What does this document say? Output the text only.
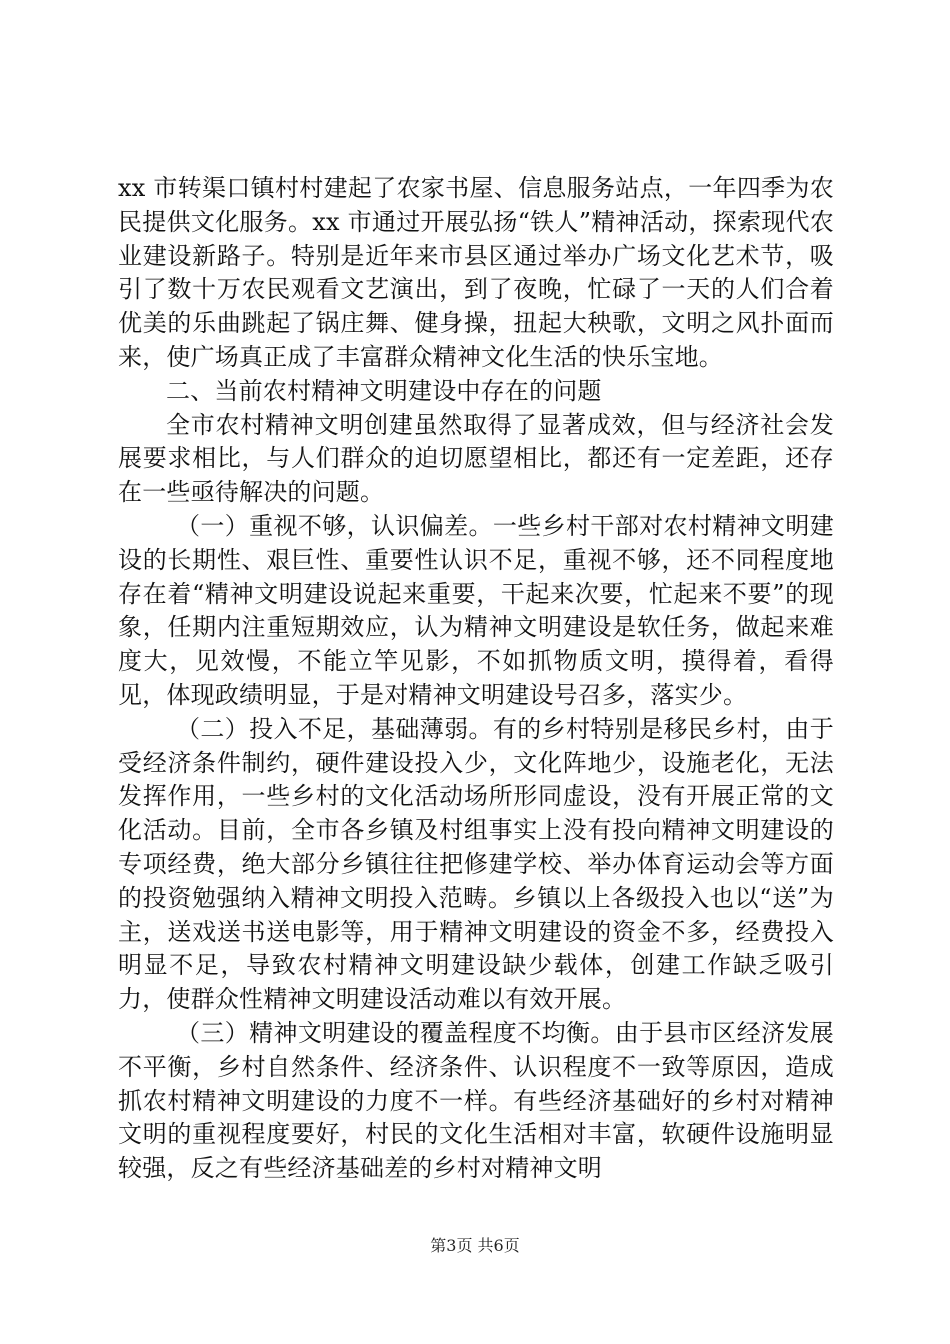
xx 市转渠口镇村村建起了农家书屋、信息服务站点，一年四季为农民提供文化服务。xx 市通过开展弘扬“铁人”精神活动，探索现代农业建设新路子。特别是近年来市县区通过举办广场文化艺术节，吸引了数十万农民观看文艺演出，到了夜晚，忙碌了一天的人们合着优美的乐曲跳起了锅庄舞、健身操，扭起大秧歌，文明之风扑面而来，使广场真正成了丰富群众精神文化生活的快乐宝地。

二、当前农村精神文明建设中存在的问题

全市农村精神文明创建虽然取得了显著成效，但与经济社会发展要求相比，与人们群众的迫切愿望相比，都还有一定差距，还存在一些亟待解决的问题。

（一）重视不够，认识偏差。一些乡村干部对农村精神文明建设的长期性、艰巨性、重要性认识不足，重视不够，还不同程度地存在着“精神文明建设说起来重要，干起来次要，忙起来不要”的现象，任期内注重短期效应，认为精神文明建设是软任务，做起来难度大，见效慢，不能立竿见影，不如抓物质文明，摸得着，看得见，体现政绩明显，于是对精神文明建设号召多，落实少。

（二）投入不足，基础薄弱。有的乡村特别是移民乡村，由于受经济条件制约，硬件建设投入少，文化阵地少，设施老化，无法发挥作用，一些乡村的文化活动场所形同虚设，没有开展正常的文化活动。目前，全市各乡镇及村组事实上没有投向精神文明建设的专项经费，绝大部分乡镇往往把修建学校、举办体育运动会等方面的投资勉强纳入精神文明投入范畴。乡镇以上各级投入也以“送”为主，送戏送书送电影等，用于精神文明建设的资金不多，经费投入明显不足，导致农村精神文明建设缺少载体，创建工作缺乏吸引力，使群众性精神文明建设活动难以有效开展。

（三）精神文明建设的覆盖程度不均衡。由于县市区经济发展不平衡，乡村自然条件、经济条件、认识程度不一致等原因，造成抓农村精神文明建设的力度不一样。有些经济基础好的乡村对精神文明的重视程度要好，村民的文化生活相对丰富，软硬件设施明显较强，反之有些经济基础差的乡村对精神文明

第3页 共6页
